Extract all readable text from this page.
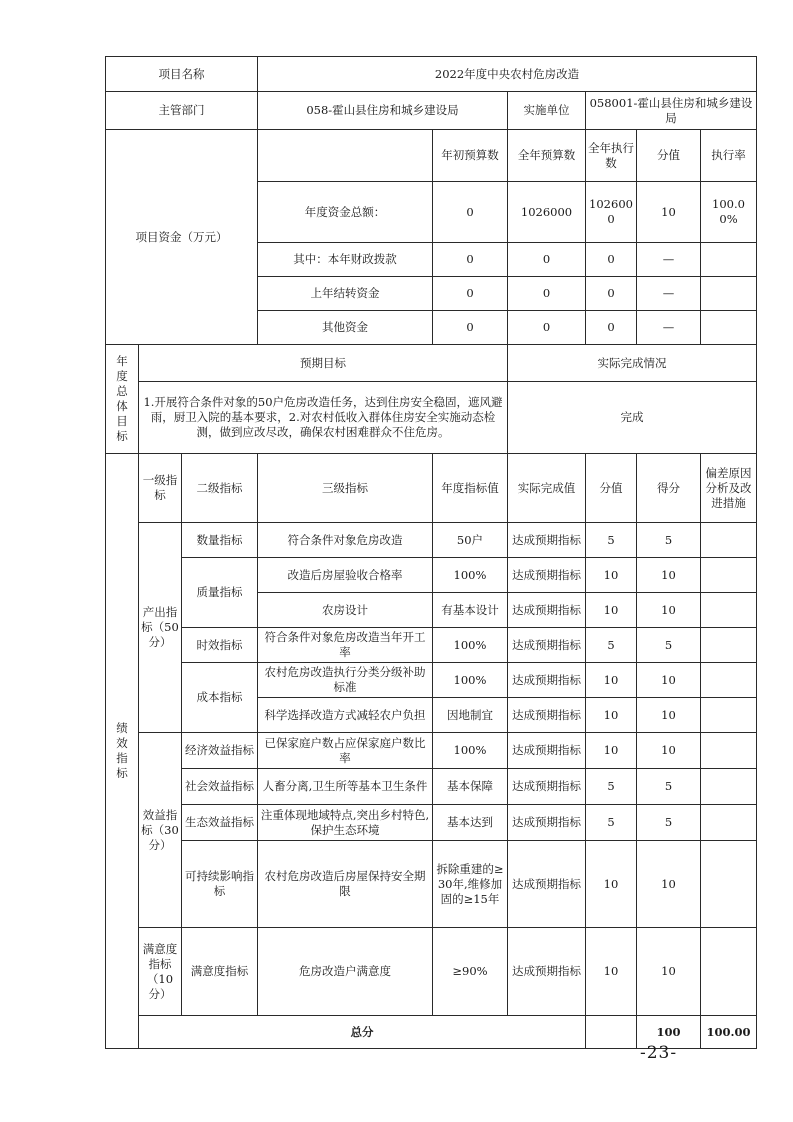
项目名称			2022年度中央农村危房改造						
主管部门			058-霍山县住房和城乡建设局		实施单位	058001-霍山县住房和城乡建设局			
项目资金（万元）				年初预算数	全年预算数	全年执行数	分值	执行率	
			年度资金总额：	0	1026000	1026000	10	100.00%	
			其中：本年财政拨款	0	0	0	—		
			上年结转资金	0	0	0	—		
			其他资金	0	0	0	—		
年度总体目标	预期目标				实际完成情况				
	1.开展符合条件对象的50户危房改造任务，达到住房安全稳固，遮风避雨，厨卫入院的基本要求，2.对农村低收入群体住房安全实施动态检测，做到应改尽改，确保农村困难群众不住危房。				完成				
绩效指标	一级指标	二级指标	三级指标	年度指标值	实际完成值	分值	得分	偏差原因分析及改进措施	
	产出指标（50分）	数量指标	符合条件对象危房改造	50户	达成预期指标	5	5		
		质量指标	改造后房屋验收合格率	100%	达成预期指标	10	10		
			农房设计	有基本设计	达成预期指标	10	10		
		时效指标	符合条件对象危房改造当年开工率	100%	达成预期指标	5	5		
		成本指标	农村危房改造执行分类分级补助标准	100%	达成预期指标	10	10		
			科学选择改造方式减轻农户负担	因地制宜	达成预期指标	10	10		
	效益指标（30分）	经济效益指标	已保家庭户数占应保家庭户数比率	100%	达成预期指标	10	10		
		社会效益指标	人畜分离,卫生所等基本卫生条件	基本保障	达成预期指标	5	5		
		生态效益指标	注重体现地域特点,突出乡村特色,保护生态环境	基本达到	达成预期指标	5	5		
		可持续影响指标	农村危房改造后房屋保持安全期限	拆除重建的≥30年,维修加固的≥15年	达成预期指标	10	10		
	满意度指标（10分）	满意度指标	危房改造户满意度	≥90%	达成预期指标	10	10		
	总分						100	100.00	
-23-
